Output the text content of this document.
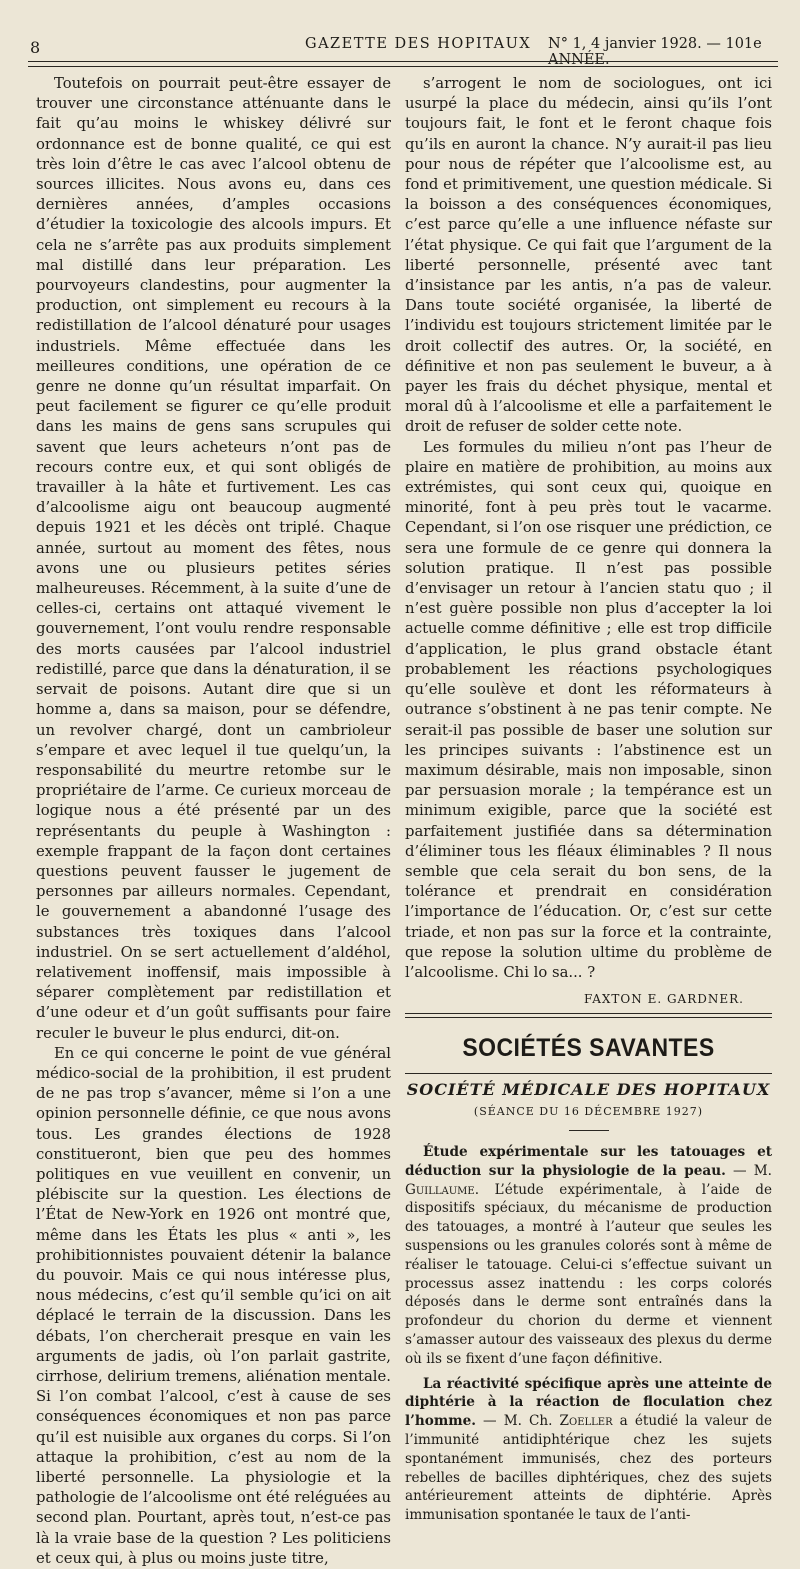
8	GAZETTE DES HOPITAUX N° 1, 4 janvier 1928. — 101e ANNÉE.

Toutefois on pourrait peut-être essayer de trouver une circonstance atténuante dans le fait qu’au moins le whiskey délivré sur ordonnance est de bonne qualité, ce qui est très loin d’être le cas avec l’alcool obtenu de sources illicites. Nous avons eu, dans ces dernières années, d’amples occasions d’étudier la toxicologie des alcools impurs. Et cela ne s’arrête pas aux produits simplement mal distillé dans leur préparation. Les pourvoyeurs clandestins, pour augmenter la production, ont simplement eu recours à la redistillation de l’alcool dénaturé pour usages industriels. Même effectuée dans les meilleures conditions, une opération de ce genre ne donne qu’un résultat imparfait. On peut facilement se figurer ce qu’elle produit dans les mains de gens sans scrupules qui savent que leurs acheteurs n’ont pas de recours contre eux, et qui sont obligés de travailler à la hâte et furtivement. Les cas d’alcoolisme aigu ont beaucoup augmenté depuis 1921 et les décès ont triplé. Chaque année, surtout au moment des fêtes, nous avons une ou plusieurs petites séries malheureuses. Récemment, à la suite d’une de celles-ci, certains ont attaqué vivement le gouvernement, l’ont voulu rendre responsable des morts causées par l’alcool industriel redistillé, parce que dans la dénaturation, il se servait de poisons. Autant dire que si un homme a, dans sa maison, pour se défendre, un revolver chargé, dont un cambrioleur s’empare et avec lequel il tue quelqu’un, la responsabilité du meurtre retombe sur le propriétaire de l’arme. Ce curieux morceau de logique nous a été présenté par un des représentants du peuple à Washington : exemple frappant de la façon dont certaines questions peuvent fausser le jugement de personnes par ailleurs normales. Cependant, le gouvernement a abandonné l’usage des substances très toxiques dans l’alcool industriel. On se sert actuellement d’aldéhol, relativement inoffensif, mais impossible à séparer complètement par redistillation et d’une odeur et d’un goût suffisants pour faire reculer le buveur le plus endurci, dit-on.

En ce qui concerne le point de vue général médico-social de la prohibition, il est prudent de ne pas trop s’avancer, même si l’on a une opinion personnelle définie, ce que nous avons tous. Les grandes élections de 1928 constitueront, bien que peu des hommes politiques en vue veuillent en convenir, un plébiscite sur la question. Les élections de l’État de New-York en 1926 ont montré que, même dans les États les plus « anti », les prohibitionnistes pouvaient détenir la balance du pouvoir. Mais ce qui nous intéresse plus, nous médecins, c’est qu’il semble qu’ici on ait déplacé le terrain de la discussion. Dans les débats, l’on chercherait presque en vain les arguments de jadis, où l’on parlait gastrite, cirrhose, delirium tremens, aliénation mentale. Si l’on combat l’alcool, c’est à cause de ses conséquences économiques et non pas parce qu’il est nuisible aux organes du corps. Si l’on attaque la prohibition, c’est au nom de la liberté personnelle. La physiologie et la pathologie de l’alcoolisme ont été reléguées au second plan. Pourtant, après tout, n’est-ce pas là la vraie base de la question ? Les politiciens et ceux qui, à plus ou moins juste titre,

s’arrogent le nom de sociologues, ont ici usurpé la place du médecin, ainsi qu’ils l’ont toujours fait, le font et le feront chaque fois qu’ils en auront la chance. N’y aurait-il pas lieu pour nous de répéter que l’alcoolisme est, au fond et primitivement, une question médicale. Si la boisson a des conséquences économiques, c’est parce qu’elle a une influence néfaste sur l’état physique. Ce qui fait que l’argument de la liberté personnelle, présenté avec tant d’insistance par les antis, n’a pas de valeur. Dans toute société organisée, la liberté de l’individu est toujours strictement limitée par le droit collectif des autres. Or, la société, en définitive et non pas seulement le buveur, a à payer les frais du déchet physique, mental et moral dû à l’alcoolisme et elle a parfaitement le droit de refuser de solder cette note.

Les formules du milieu n’ont pas l’heur de plaire en matière de prohibition, au moins aux extrémistes, qui sont ceux qui, quoique en minorité, font à peu près tout le vacarme. Cependant, si l’on ose risquer une prédiction, ce sera une formule de ce genre qui donnera la solution pratique. Il n’est pas possible d’envisager un retour à l’ancien statu quo ; il n’est guère possible non plus d’accepter la loi actuelle comme définitive ; elle est trop difficile d’application, le plus grand obstacle étant probablement les réactions psychologiques qu’elle soulève et dont les réformateurs à outrance s’obstinent à ne pas tenir compte. Ne serait-il pas possible de baser une solution sur les principes suivants : l’abstinence est un maximum désirable, mais non imposable, sinon par persuasion morale ; la tempérance est un minimum exigible, parce que la société est parfaitement justifiée dans sa détermination d’éliminer tous les fléaux éliminables ? Il nous semble que cela serait du bon sens, de la tolérance et prendrait en considération l’importance de l’éducation. Or, c’est sur cette triade, et non pas sur la force et la contrainte, que repose la solution ultime du problème de l’alcoolisme. Chi lo sa... ?

FAXTON E. GARDNER.
SOCIÉTÉS SAVANTES
SOCIÉTÉ MÉDICALE DES HOPITAUX
(SÉANCE DU 16 DÉCEMBRE 1927)

Étude expérimentale sur les tatouages et déduction sur la physiologie de la peau. — M. Guillaume. L’étude expérimentale, à l’aide de dispositifs spéciaux, du mécanisme de production des tatouages, a montré à l’auteur que seules les suspensions ou les granules colorés sont à même de réaliser le tatouage. Celui-ci s’effectue suivant un processus assez inattendu : les corps colorés déposés dans le derme sont entraînés dans la profondeur du chorion du derme et viennent s’amasser autour des vaisseaux des plexus du derme où ils se fixent d’une façon définitive.

La réactivité spécifique après une atteinte de diphtérie à la réaction de floculation chez l’homme. — M. Ch. Zoeller a étudié la valeur de l’immunité antidiphtérique chez les sujets spontanément immunisés, chez des porteurs rebelles de bacilles diphtériques, chez des sujets antérieurement atteints de diphtérie. Après immunisation spontanée le taux de l’anti-
